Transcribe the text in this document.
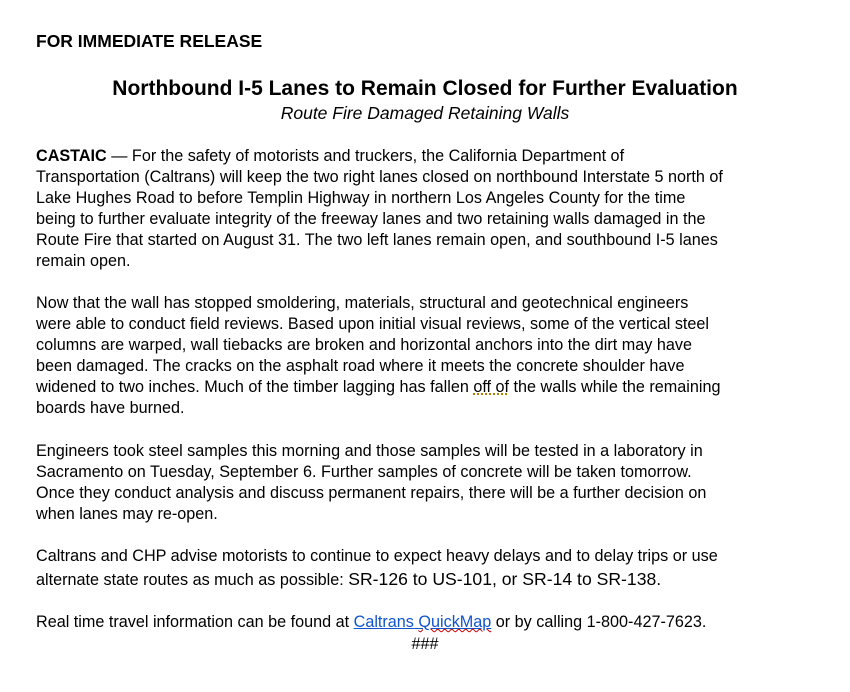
FOR IMMEDIATE RELEASE
Northbound I-5 Lanes to Remain Closed for Further Evaluation
Route Fire Damaged Retaining Walls
CASTAIC — For the safety of motorists and truckers, the California Department of
Transportation (Caltrans) will keep the two right lanes closed on northbound Interstate 5 north of
Lake Hughes Road to before Templin Highway in northern Los Angeles County for the time
being to further evaluate integrity of the freeway lanes and two retaining walls damaged in the
Route Fire that started on August 31. The two left lanes remain open, and southbound I-5 lanes
remain open.
Now that the wall has stopped smoldering, materials, structural and geotechnical engineers
were able to conduct field reviews. Based upon initial visual reviews, some of the vertical steel
columns are warped, wall tiebacks are broken and horizontal anchors into the dirt may have
been damaged. The cracks on the asphalt road where it meets the concrete shoulder have
widened to two inches. Much of the timber lagging has fallen off of the walls while the remaining
boards have burned.
Engineers took steel samples this morning and those samples will be tested in a laboratory in
Sacramento on Tuesday, September 6. Further samples of concrete will be taken tomorrow.
Once they conduct analysis and discuss permanent repairs, there will be a further decision on
when lanes may re-open.
Caltrans and CHP advise motorists to continue to expect heavy delays and to delay trips or use
alternate state routes as much as possible: SR-126 to US-101, or SR-14 to SR-138.
Real time travel information can be found at Caltrans QuickMap or by calling 1-800-427-7623.
###
